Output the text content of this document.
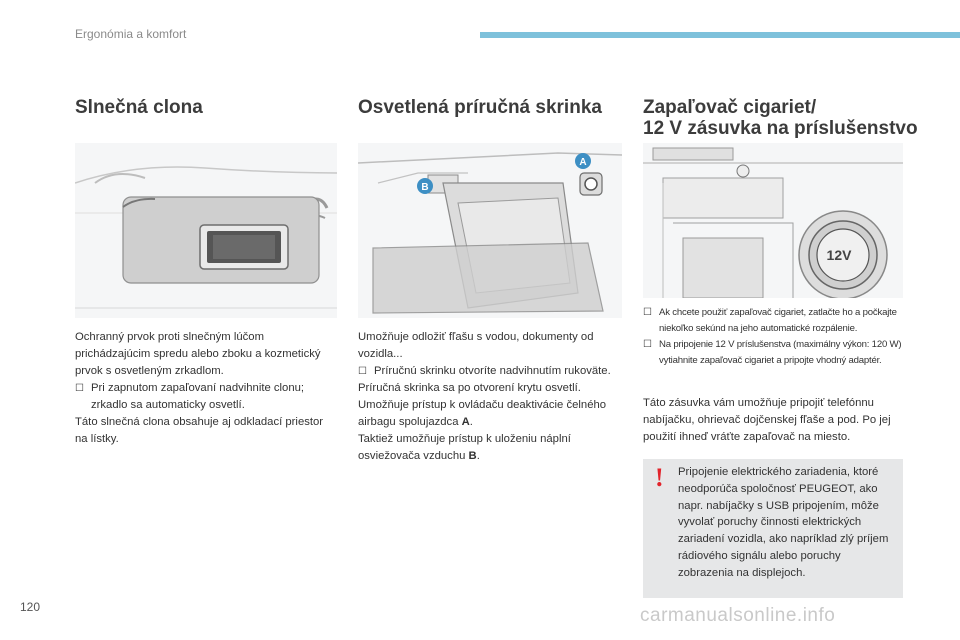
Ergonómia a komfort
Slnečná clona

Ochranný prvok proti slnečným lúčom prichádzajúcim spredu alebo zboku a kozmetický prvok s osvetleným zrkadlom.

☐ Pri zapnutom zapaľovaní nadvihnite clonu; zrkadlo sa automaticky osvetlí.

Táto slnečná clona obsahuje aj odkladací priestor na lístky.

Osvetlená príručná skrinka
A
B

Umožňuje odložiť fľašu s vodou, dokumenty od vozidla...

☐ Príručnú skrinku otvoríte nadvihnutím rukoväte.

Príručná skrinka sa po otvorení krytu osvetlí.

Umožňuje prístup k ovládaču deaktivácie čelného airbagu spolujazdca A.

Taktiež umožňuje prístup k uloženiu náplní osviežovača vzduchu B.

Zapaľovač cigariet/
12 V zásuvka na príslušenstvo
12V
☐ Ak chcete použiť zapaľovač cigariet, zatlačte ho a počkajte niekoľko sekúnd na jeho automatické rozpálenie.
☐ Na pripojenie 12 V príslušenstva (maximálny výkon: 120 W) vytiahnite zapaľovač cigariet a pripojte vhodný adaptér.
Táto zásuvka vám umožňuje pripojiť telefónnu nabíjačku, ohrievač dojčenskej fľaše a pod. Po jej použití ihneď vráťte zapaľovač na miesto.
! Pripojenie elektrického zariadenia, ktoré neodporúča spoločnosť PEUGEOT, ako napr. nabíjačky s USB pripojením, môže vyvolať poruchy činnosti elektrických zariadení vozidla, ako napríklad zlý príjem rádiového signálu alebo poruchy zobrazenia na displejoch.
120	carmanualsonline.info
